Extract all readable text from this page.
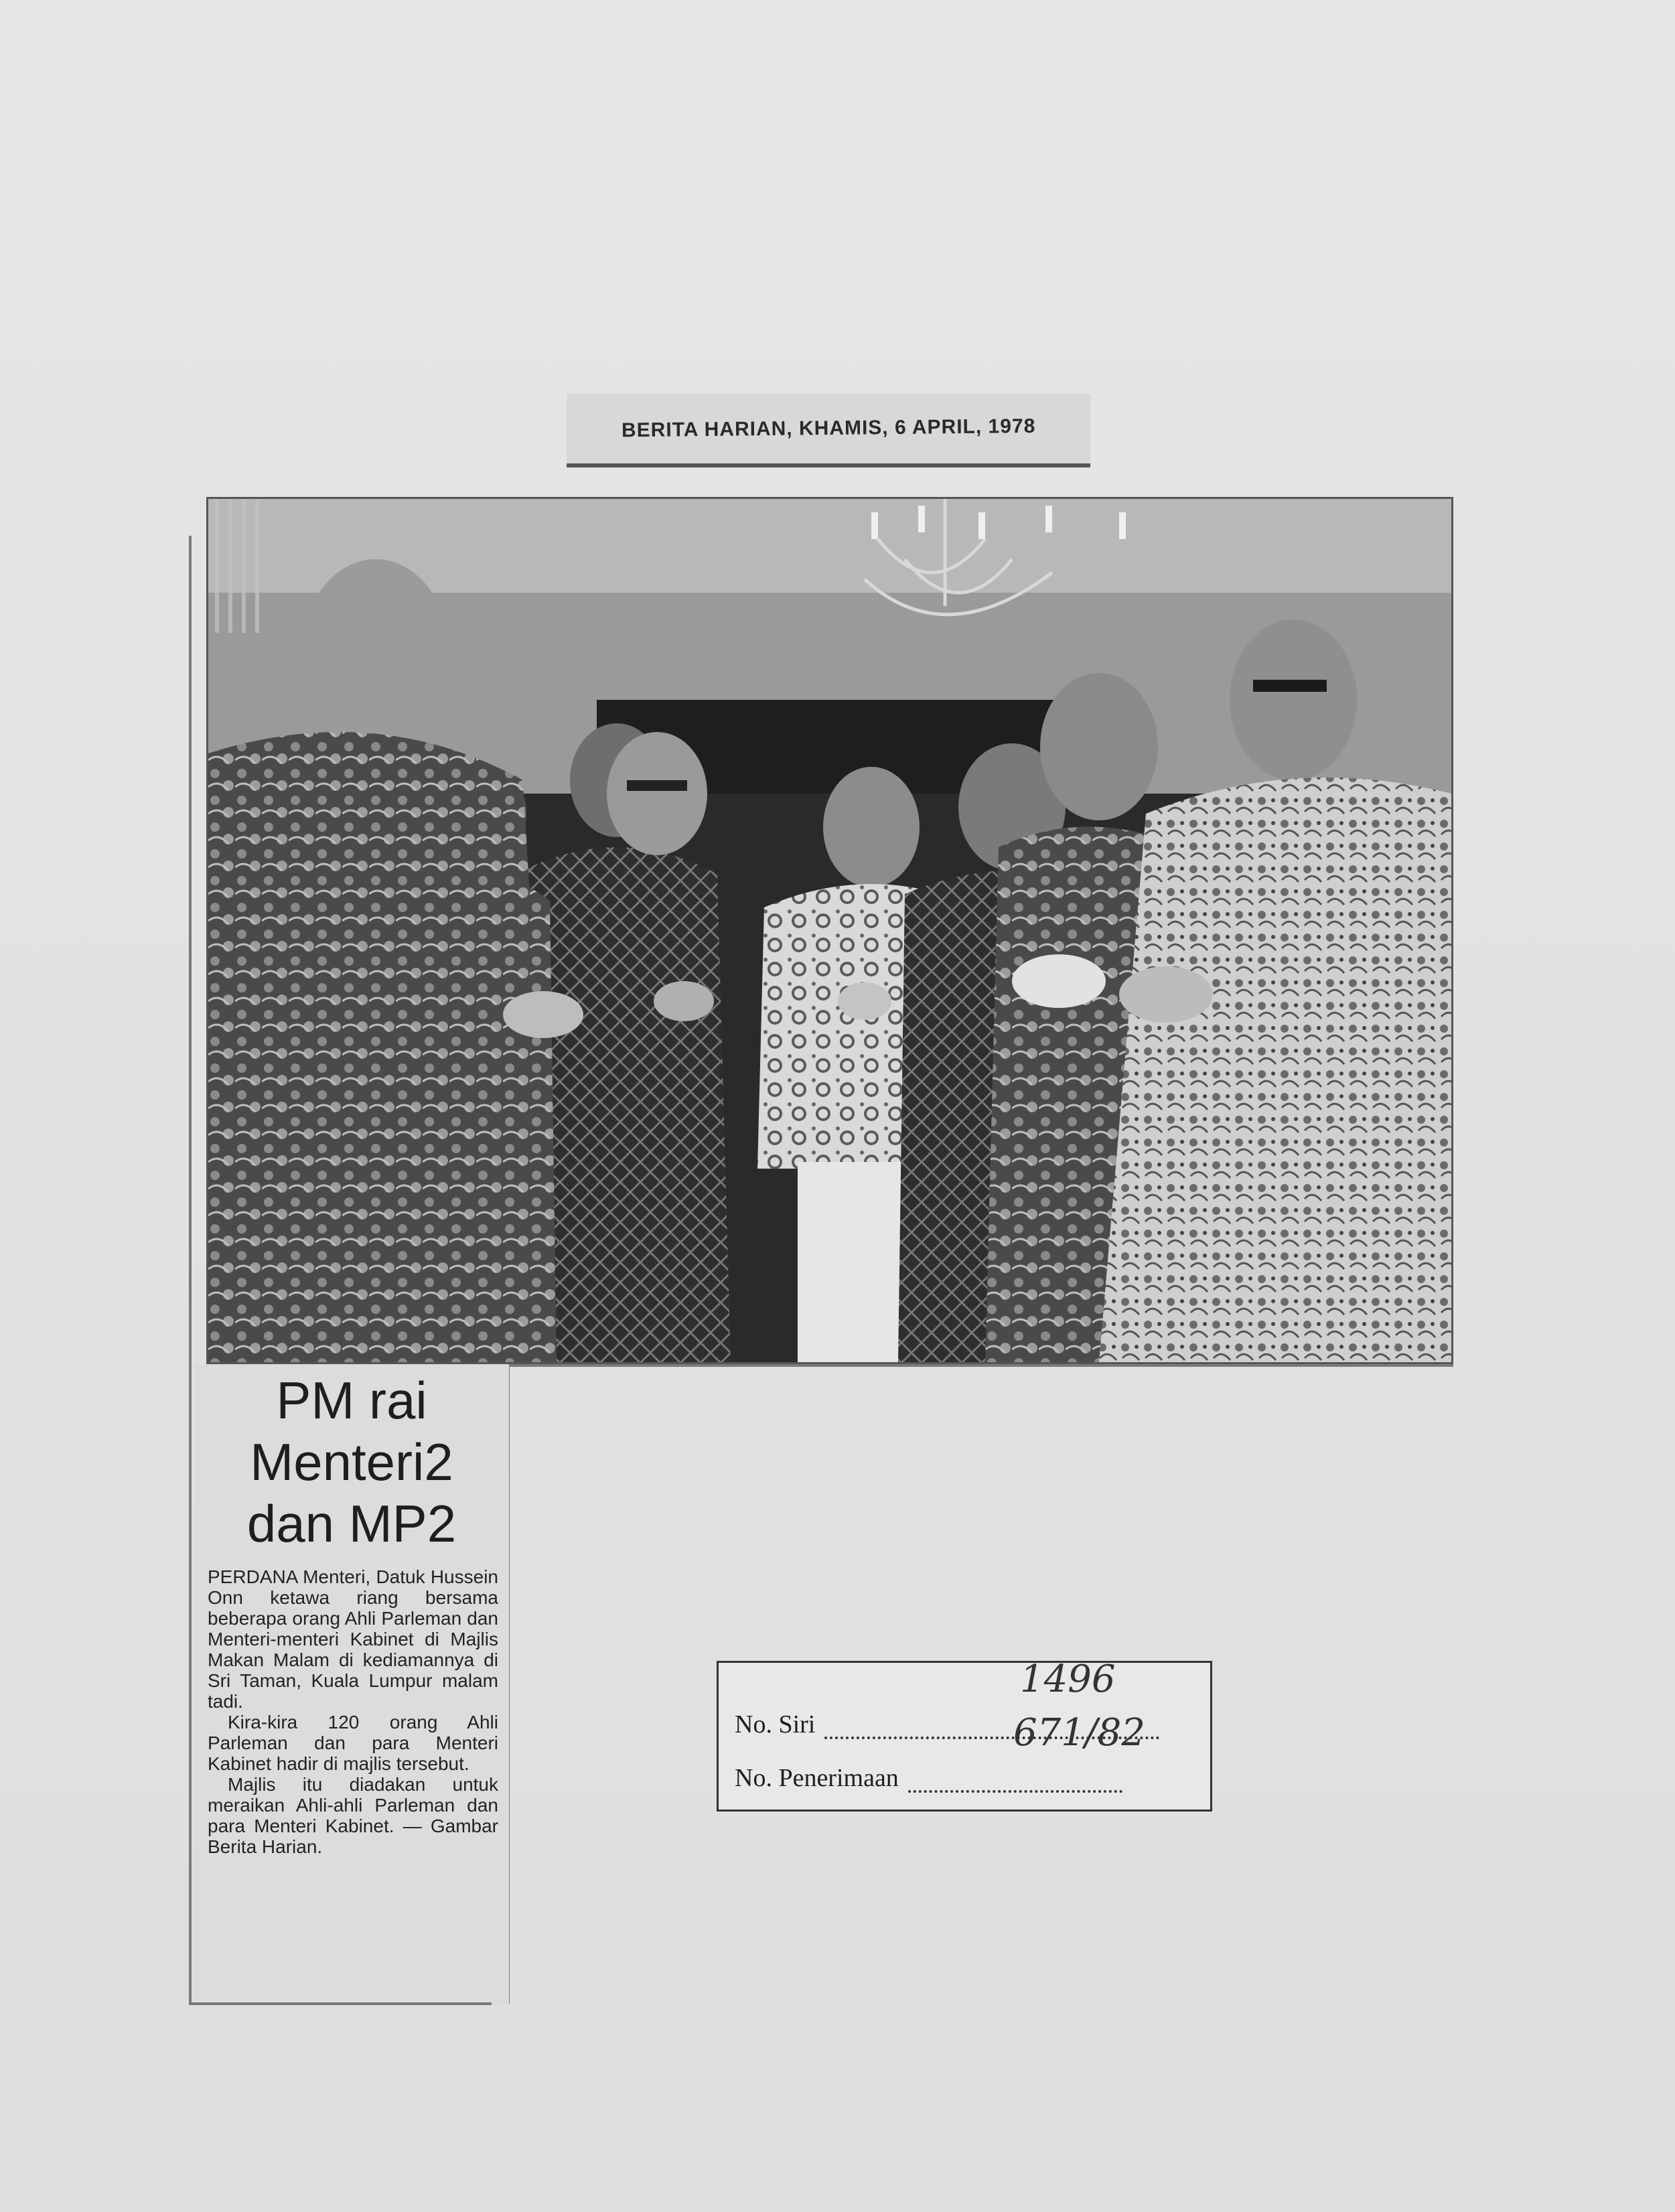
BERITA HARIAN, KHAMIS, 6 APRIL, 1978
PM rai
Menteri2
dan MP2

PERDANA Menteri, Datuk Hussein Onn ketawa riang bersama beberapa orang Ahli Parleman dan Menteri-menteri Kabinet di Majlis Makan Malam di kediamannya di Sri Taman, Kuala Lumpur malam tadi.

Kira-kira 120 orang Ahli Parleman dan para Menteri Kabinet hadir di majlis tersebut.

Majlis itu diadakan untuk meraikan Ahli-ahli Parleman dan para Menteri Kabinet. — Gambar Berita Harian.

No. Siri
1496
No. Penerimaan
671/82
